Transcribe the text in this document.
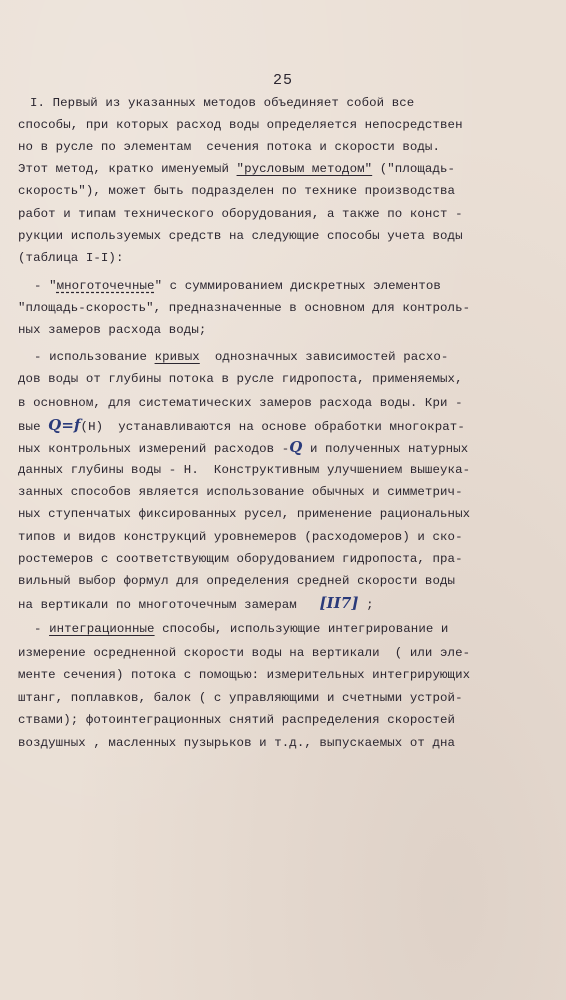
25
I. Первый из указанных методов объединяет собой все
способы, при которых расход воды определяется непосредствен
но в русле по элементам  сечения потока и скорости воды.
Этот метод, кратко именуемый "русловым методом" ("площадь-
скорость"), может быть подразделен по технике производства
работ и типам технического оборудования, а также по конст -
рукции используемых средств на следующие способы учета воды
(таблица I-I):
- "многоточечные" с суммированием дискретных элементов
"площадь-скорость", предназначенные в основном для контроль-
ных замеров расхода воды;
- использование кривых  однозначных зависимостей расхо-
дов воды от глубины потока в русле гидропоста, применяемых,
в основном, для систематических замеров расхода воды. Кри -
вые Q=f(Н)  устанавливаются на основе обработки многократ-
ных контрольных измерений расходов -Q и полученных натурных
данных глубины воды - Н.  Конструктивным улучшением вышеука-
занных способов является использование обычных и симметрич-
ных ступенчатых фиксированных русел, применение рациональных
типов и видов конструкций уровнемеров (расходомеров) и ско-
ростемеров с соответствующим оборудованием гидропоста, пра-
вильный выбор формул для определения средней скорости воды
на вертикали по многоточечным замерам   [II7] ;
- интеграционные способы, использующие интегрирование и
измерение осредненной скорости воды на вертикали  ( или эле-
менте сечения) потока с помощью: измерительных интегрирующих
штанг, поплавков, балок ( с управляющими и счетными устрой-
ствами); фотоинтеграционных снятий распределения скоростей
воздушных , масленных пузырьков и т.д., выпускаемых от дна
